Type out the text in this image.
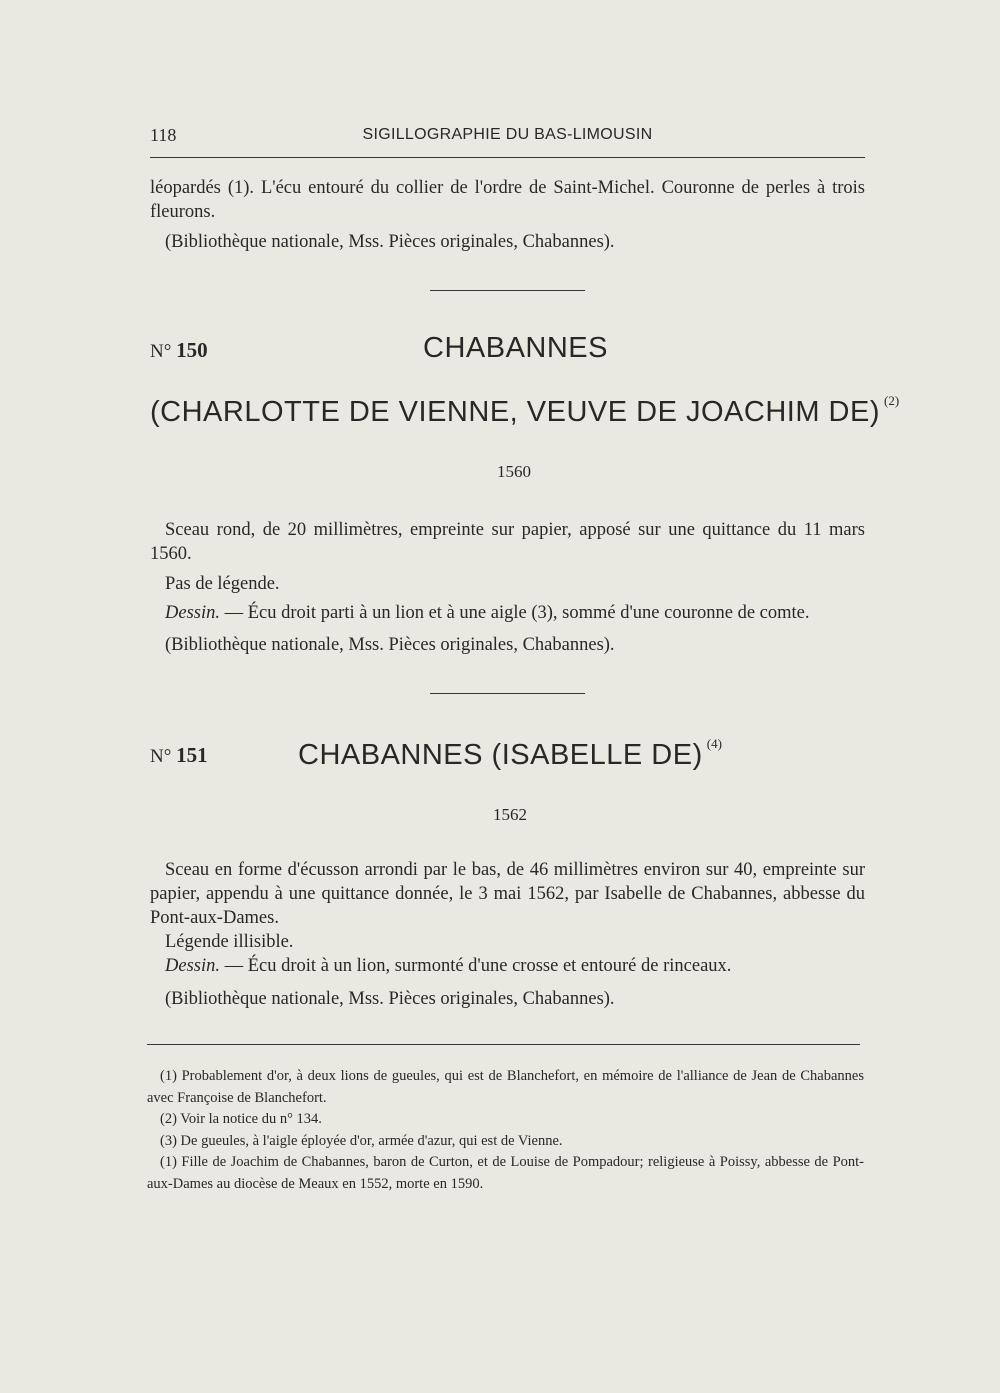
118	SIGILLOGRAPHIE DU BAS-LIMOUSIN
léopardés (1). L'écu entouré du collier de l'ordre de Saint-Michel. Couronne de perles à trois fleurons.
(Bibliothèque nationale, Mss. Pièces originales, Chabannes).
N° 150	CHABANNES
(CHARLOTTE DE VIENNE, VEUVE DE JOACHIM DE) $^{(2)}$
1560
Sceau rond, de 20 millimètres, empreinte sur papier, apposé sur une quittance du 11 mars 1560.
Pas de légende.
Dessin. — Écu droit parti à un lion et à une aigle (3), sommé d'une couronne de comte.
(Bibliothèque nationale, Mss. Pièces originales, Chabannes).
N° 151	CHABANNES (ISABELLE DE) $^{(4)}$
1562
Sceau en forme d'écusson arrondi par le bas, de 46 millimètres environ sur 40, empreinte sur papier, appendu à une quittance donnée, le 3 mai 1562, par Isabelle de Chabannes, abbesse du Pont-aux-Dames.
Légende illisible.
Dessin. — Écu droit à un lion, surmonté d'une crosse et entouré de rinceaux.
(Bibliothèque nationale, Mss. Pièces originales, Chabannes).

(1) Probablement d'or, à deux lions de gueules, qui est de Blanchefort, en mémoire de l'alliance de Jean de Chabannes avec Françoise de Blanchefort.

(2) Voir la notice du n° 134.

(3) De gueules, à l'aigle éployée d'or, armée d'azur, qui est de Vienne.

(1) Fille de Joachim de Chabannes, baron de Curton, et de Louise de Pompadour; religieuse à Poissy, abbesse de Pont-aux-Dames au diocèse de Meaux en 1552, morte en 1590.
